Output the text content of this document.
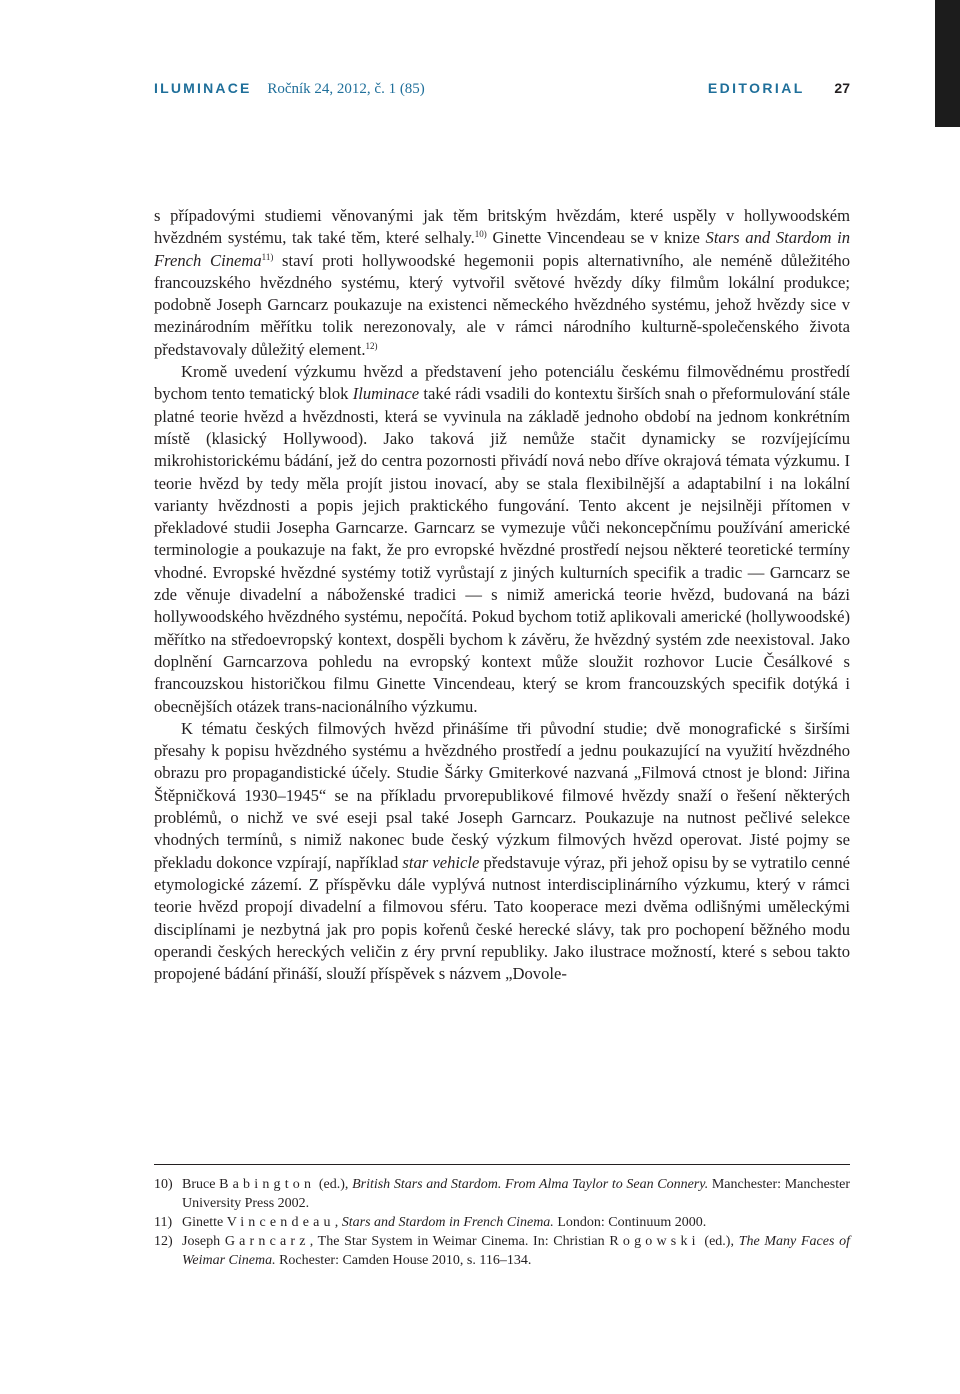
ILUMINACE Ročník 24, 2012, č. 1 (85)	EDITORIAL 27

s případovými studiemi věnovanými jak těm britským hvězdám, které uspěly v hollywoodském hvězdném systému, tak také těm, které selhaly.$^{10)}$ Ginette Vincendeau se v knize Stars and Stardom in French Cinema$^{11)}$ staví proti hollywoodské hegemonii popis alternativního, ale neméně důležitého francouzského hvězdného systému, který vytvořil světové hvězdy díky filmům lokální produkce; podobně Joseph Garncarz poukazuje na existenci německého hvězdného systému, jehož hvězdy sice v mezinárodním měřítku tolik nerezonovaly, ale v rámci národního kulturně-společenského života představovaly důležitý element.$^{12)}$

Kromě uvedení výzkumu hvězd a představení jeho potenciálu českému filmovědnému prostředí bychom tento tematický blok Iluminace také rádi vsadili do kontextu širších snah o přeformulování stále platné teorie hvězd a hvězdnosti, která se vyvinula na základě jednoho období na jednom konkrétním místě (klasický Hollywood). Jako taková již nemůže stačit dynamicky se rozvíjejícímu mikrohistorickému bádání, jež do centra pozornosti přivádí nová nebo dříve okrajová témata výzkumu. I teorie hvězd by tedy měla projít jistou inovací, aby se stala flexibilnější a adaptabilní i na lokální varianty hvězdnosti a popis jejich praktického fungování. Tento akcent je nejsilněji přítomen v překladové studii Josepha Garncarze. Garncarz se vymezuje vůči nekoncepčnímu používání americké terminologie a poukazuje na fakt, že pro evropské hvězdné prostředí nejsou některé teoretické termíny vhodné. Evropské hvězdné systémy totiž vyrůstají z jiných kulturních specifik a tradic — Garncarz se zde věnuje divadelní a náboženské tradici — s nimiž americká teorie hvězd, budovaná na bázi hollywoodského hvězdného systému, nepočítá. Pokud bychom totiž aplikovali americké (hollywoodské) měřítko na středoevropský kontext, dospěli bychom k závěru, že hvězdný systém zde neexistoval. Jako doplnění Garncarzova pohledu na evropský kontext může sloužit rozhovor Lucie Česálkové s francouzskou historičkou filmu Ginette Vincendeau, který se krom francouzských specifik dotýká i obecnějších otázek trans-nacionálního výzkumu.

K tématu českých filmových hvězd přinášíme tři původní studie; dvě monografické s širšími přesahy k popisu hvězdného systému a hvězdného prostředí a jednu poukazující na využití hvězdného obrazu pro propagandistické účely. Studie Šárky Gmiterkové nazvaná „Filmová ctnost je blond: Jiřina Štěpničková 1930–1945“ se na příkladu prvorepublikové filmové hvězdy snaží o řešení některých problémů, o nichž ve své eseji psal také Joseph Garncarz. Poukazuje na nutnost pečlivé selekce vhodných termínů, s nimiž nakonec bude český výzkum filmových hvězd operovat. Jisté pojmy se překladu dokonce vzpírají, například star vehicle představuje výraz, při jehož opisu by se vytratilo cenné etymologické zázemí. Z příspěvku dále vyplývá nutnost interdisciplinárního výzkumu, který v rámci teorie hvězd propojí divadelní a filmovou sféru. Tato kooperace mezi dvěma odlišnými uměleckými disciplínami je nezbytná jak pro popis kořenů české herecké slávy, tak pro pochopení běžného modu operandi českých hereckých veličin z éry první republiky. Jako ilustrace možností, které s sebou takto propojené bádání přináší, slouží příspěvek s názvem „Dovole-

10) Bruce Babington (ed.), British Stars and Stardom. From Alma Taylor to Sean Connery. Manchester: Manchester University Press 2002.
11) Ginette Vincendeau, Stars and Stardom in French Cinema. London: Continuum 2000.
12) Joseph Garncarz, The Star System in Weimar Cinema. In: Christian Rogowski (ed.), The Many Faces of Weimar Cinema. Rochester: Camden House 2010, s. 116–134.
